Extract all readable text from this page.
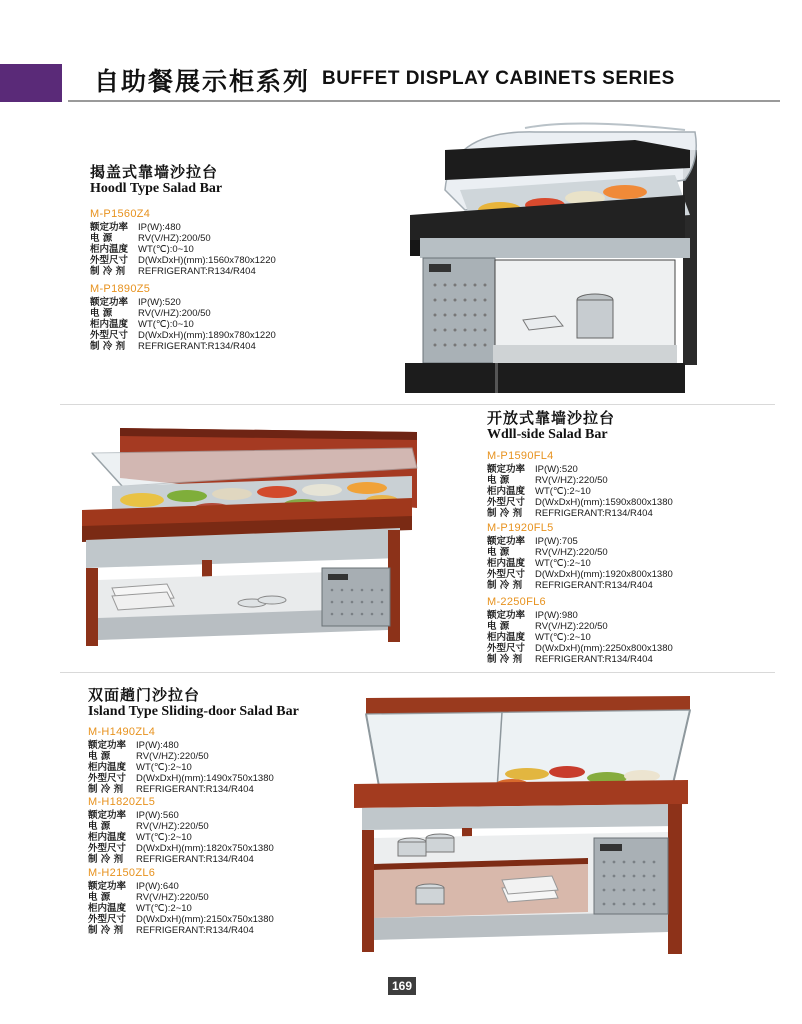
自助餐展示柜系列 BUFFET DISPLAY CABINETS SERIES
揭盖式靠墙沙拉台
Hoodl Type Salad Bar
M-P1560Z4
额定功率	IP(W):480
电 源	RV(V/HZ):200/50
柜内温度	WT(℃):0~10
外型尺寸	D(WxDxH)(mm):1560x780x1220
制 冷 剂	REFRIGERANT:R134/R404
M-P1890Z5
额定功率	IP(W):520
电 源	RV(V/HZ):200/50
柜内温度	WT(℃):0~10
外型尺寸	D(WxDxH)(mm):1890x780x1220
制 冷 剂	REFRIGERANT:R134/R404
开放式靠墙沙拉台
Wdll-side Salad Bar
M-P1590FL4
额定功率	IP(W):520
电 源	RV(V/HZ):220/50
柜内温度	WT(℃):2~10
外型尺寸	D(WxDxH)(mm):1590x800x1380
制 冷 剂	REFRIGERANT:R134/R404
M-P1920FL5
额定功率	IP(W):705
电 源	RV(V/HZ):220/50
柜内温度	WT(℃):2~10
外型尺寸	D(WxDxH)(mm):1920x800x1380
制 冷 剂	REFRIGERANT:R134/R404
M-2250FL6
额定功率	IP(W):980
电 源	RV(V/HZ):220/50
柜内温度	WT(℃):2~10
外型尺寸	D(WxDxH)(mm):2250x800x1380
制 冷 剂	REFRIGERANT:R134/R404
双面趟门沙拉台
Island Type Sliding-door Salad Bar
M-H1490ZL4
额定功率	IP(W):480
电 源	RV(V/HZ):220/50
柜内温度	WT(℃):2~10
外型尺寸	D(WxDxH)(mm):1490x750x1380
制 冷 剂	REFRIGERANT:R134/R404
M-H1820ZL5
额定功率	IP(W):560
电 源	RV(V/HZ):220/50
柜内温度	WT(℃):2~10
外型尺寸	D(WxDxH)(mm):1820x750x1380
制 冷 剂	REFRIGERANT:R134/R404
M-H2150ZL6
额定功率	IP(W):640
电 源	RV(V/HZ):220/50
柜内温度	WT(℃):2~10
外型尺寸	D(WxDxH)(mm):2150x750x1380
制 冷 剂	REFRIGERANT:R134/R404
169
